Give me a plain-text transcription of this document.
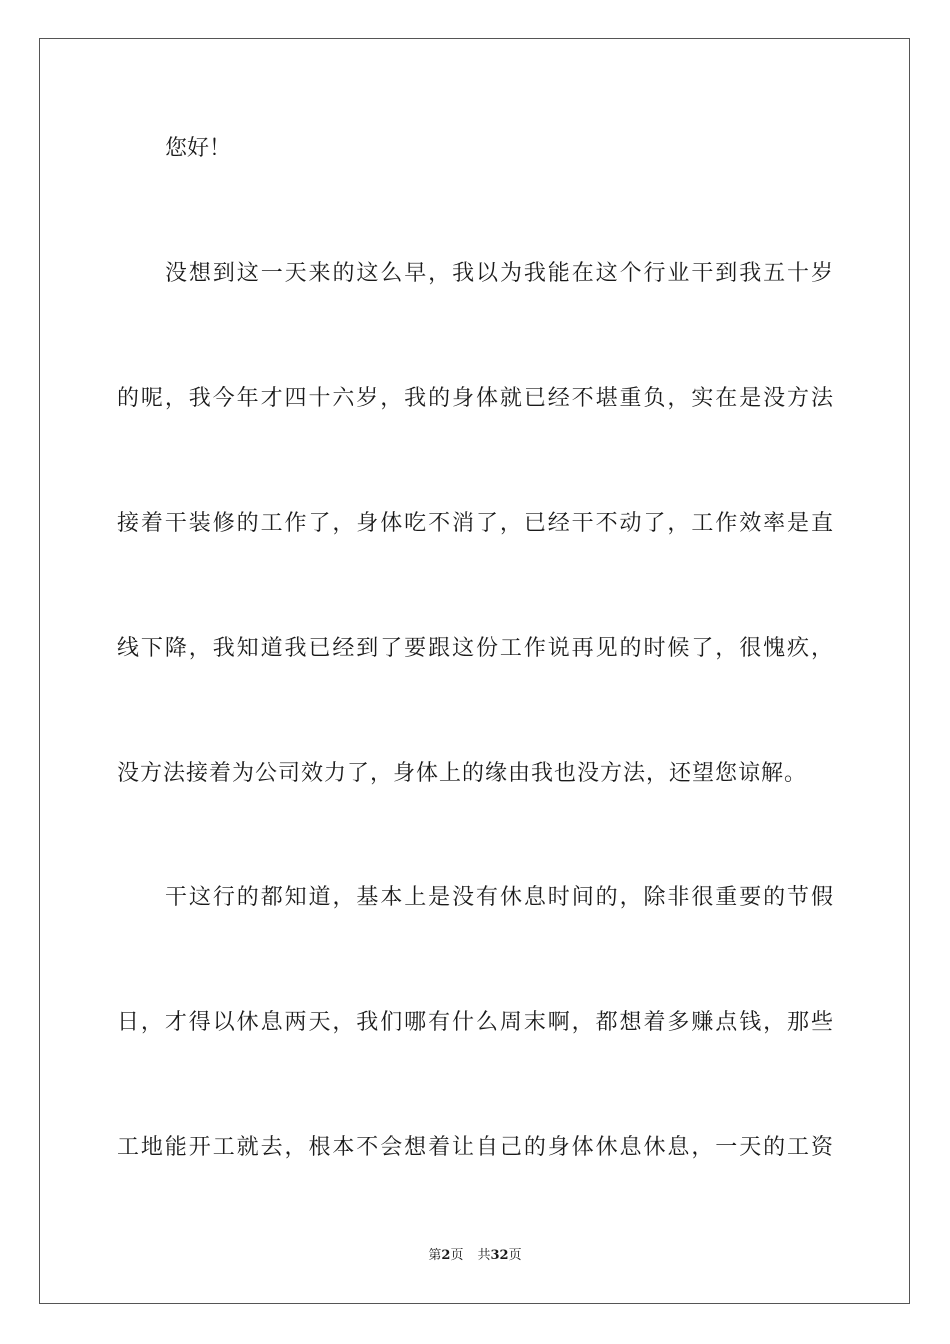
您好！
没想到这一天来的这么早，我以为我能在这个行业干到我五十岁
的呢，我今年才四十六岁，我的身体就已经不堪重负，实在是没方法
接着干装修的工作了，身体吃不消了，已经干不动了，工作效率是直
线下降，我知道我已经到了要跟这份工作说再见的时候了，很愧疚，
没方法接着为公司效力了，身体上的缘由我也没方法，还望您谅解。
干这行的都知道，基本上是没有休息时间的，除非很重要的节假
日，才得以休息两天，我们哪有什么周末啊，都想着多赚点钱，那些
工地能开工就去，根本不会想着让自己的身体休息休息，一天的工资
第2页 共32页
